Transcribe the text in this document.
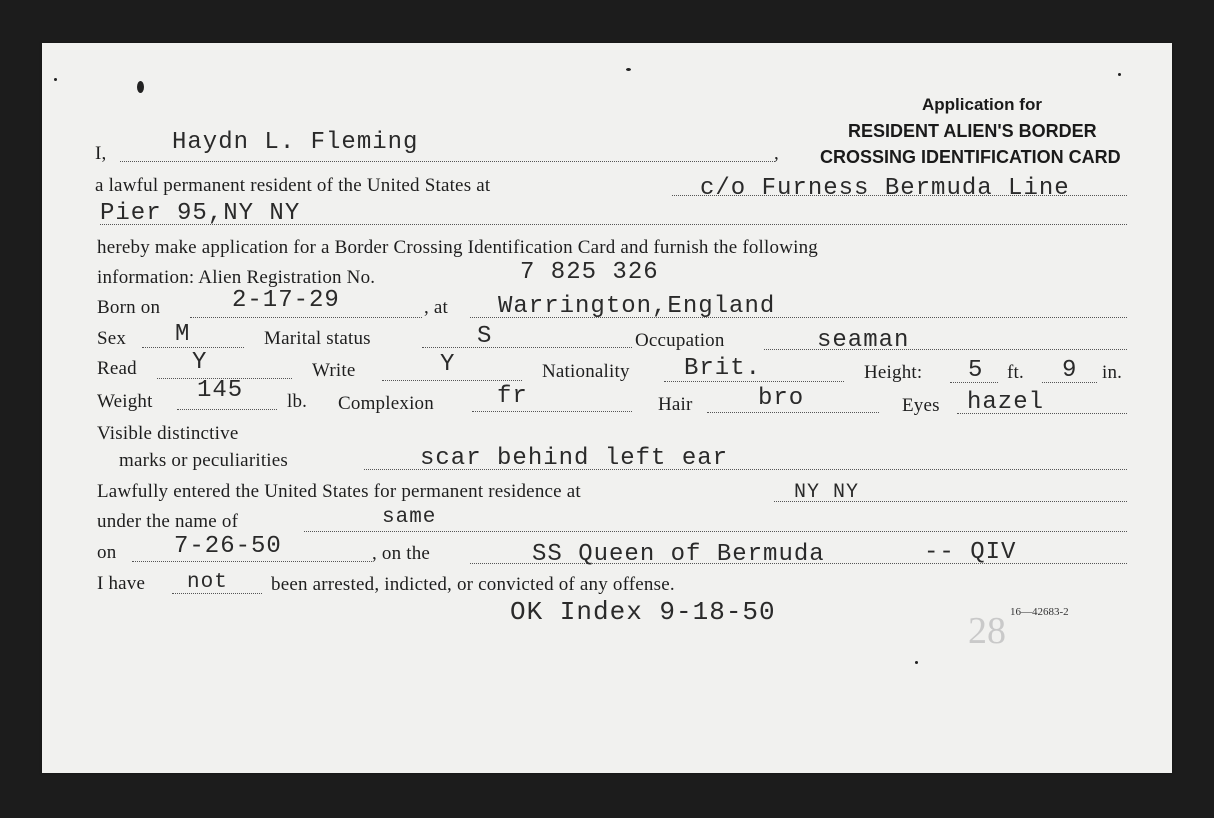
Application for
RESIDENT ALIEN'S BORDER
CROSSING IDENTIFICATION CARD
I,	Haydn L. Fleming	,
a lawful permanent resident of the United States at	c/o Furness Bermuda Line
Pier 95,NY NY
hereby make application for a Border Crossing Identification Card and furnish the following
information: Alien Registration No.	7 825 326
Born on	2-17-29	, at Warrington,England
Sex M	Marital status	S	Occupation	seaman
Read Y	Write	Y	Nationality Brit.	Height: 5 ft. 9 in.
Weight 145 lb. Complexion	fr	Hair	bro	Eyes hazel
Visible distinctive
marks or peculiarities	scar behind left ear
Lawfully entered the United States for permanent residence at	NY NY
under the name of	same
on 7-26-50	, on the	SS Queen of Bermuda	-- QIV
I have not been arrested, indicted, or convicted of any offense.
OK Index 9-18-50	16—42683-2
28
